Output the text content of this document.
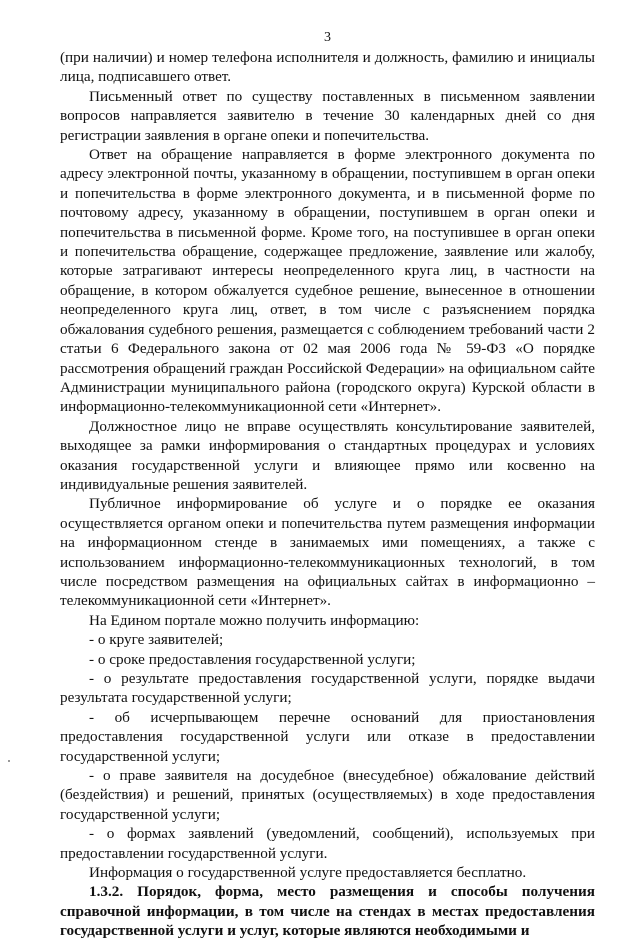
3

(при наличии) и номер телефона исполнителя и должность, фамилию и инициалы лица, подписавшего ответ.

Письменный ответ по существу поставленных в письменном заявлении вопросов направляется заявителю в течение 30 календарных дней со дня регистрации заявления в органе опеки и попечительства.

Ответ на обращение направляется в форме электронного документа по адресу электронной почты, указанному в обращении, поступившем в орган опеки и попечительства в форме электронного документа, и в письменной форме по почтовому адресу, указанному в обращении, поступившем в орган опеки и попечительства в письменной форме. Кроме того, на поступившее в орган опеки и попечительства обращение, содержащее предложение, заявление или жалобу, которые затрагивают интересы неопределенного круга лиц, в частности на обращение, в котором обжалуется судебное решение, вынесенное в отношении неопределенного круга лиц, ответ, в том числе с разъяснением порядка обжалования судебного решения, размещается с соблюдением требований части 2 статьи 6 Федерального закона от 02 мая 2006 года № 59-ФЗ «О порядке рассмотрения обращений граждан Российской Федерации» на официальном сайте Администрации муниципального района (городского округа) Курской области в информационно-телекоммуникационной сети «Интернет».

Должностное лицо не вправе осуществлять консультирование заявителей, выходящее за рамки информирования о стандартных процедурах и условиях оказания государственной услуги и влияющее прямо или косвенно на индивидуальные решения заявителей.

Публичное информирование об услуге и о порядке ее оказания осуществляется органом опеки и попечительства путем размещения информации на информационном стенде в занимаемых ими помещениях, а также с использованием информационно-телекоммуникационных технологий, в том числе посредством размещения на официальных сайтах в информационно – телекоммуникационной сети «Интернет».

На Едином портале можно получить информацию:

- о круге заявителей;

- о сроке предоставления государственной услуги;

- о результате предоставления государственной услуги, порядке выдачи результата государственной услуги;

- об исчерпывающем перечне оснований для приостановления предоставления государственной услуги или отказе в предоставлении государственной услуги;

- о праве заявителя на досудебное (внесудебное) обжалование действий (бездействия) и решений, принятых (осуществляемых) в ходе предоставления государственной услуги;

- о формах заявлений (уведомлений, сообщений), используемых при предоставлении государственной услуги.

Информация о государственной услуге предоставляется бесплатно.

1.3.2. Порядок, форма, место размещения и способы получения справочной информации, в том числе на стендах в местах предоставления государственной услуги и услуг, которые являются необходимыми и
